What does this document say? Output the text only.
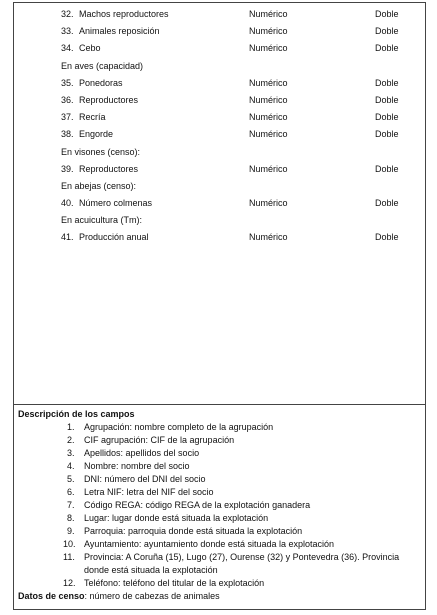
32. Machos reproductores	Numérico	Doble
33. Animales reposición	Numérico	Doble
34. Cebo	Numérico	Doble
En aves (capacidad)
35. Ponedoras	Numérico	Doble
36. Reproductores	Numérico	Doble
37. Recría	Numérico	Doble
38. Engorde	Numérico	Doble
En visones (censo):
39. Reproductores	Numérico	Doble
En abejas (censo):
40. Número colmenas	Numérico	Doble
En acuicultura (Tm):
41. Producción anual	Numérico	Doble
Descripción de los campos
1. Agrupación: nombre completo de la agrupación
2. CIF agrupación: CIF de la agrupación
3. Apellidos: apellidos del socio
4. Nombre: nombre del socio
5. DNI: número del DNI del socio
6. Letra NIF: letra del NIF del socio
7. Código REGA: código REGA de la explotación ganadera
8. Lugar: lugar donde está situada la explotación
9. Parroquia: parroquia donde está situada la explotación
10. Ayuntamiento: ayuntamiento donde está situada la explotación
11. Provincia: A Coruña (15), Lugo (27), Ourense (32) y Pontevedra (36). Provincia
donde está situada la explotación
12. Teléfono: teléfono del titular de la explotación
Datos de censo: número de cabezas de animales
